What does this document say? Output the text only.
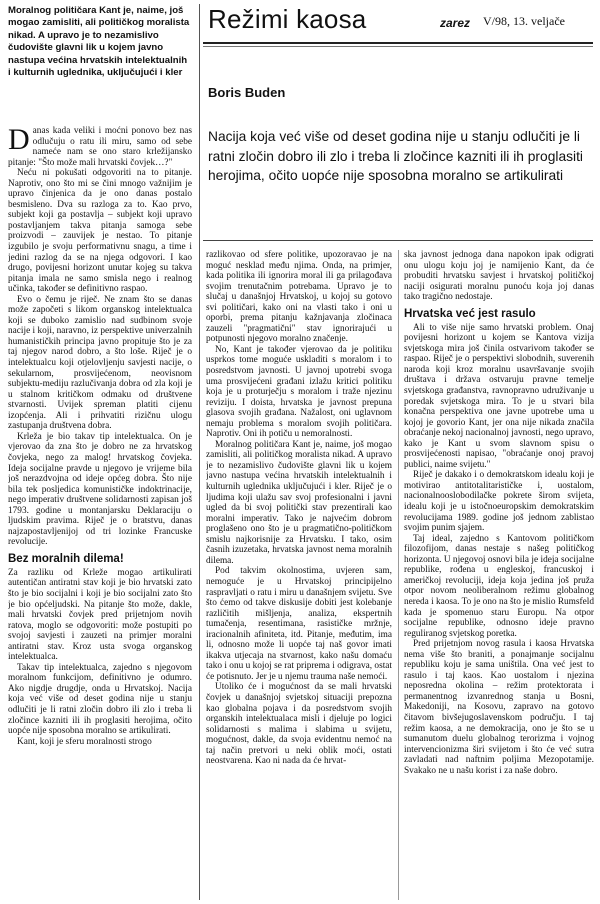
Moralnog političara Kant je, naime, još mogao zamisliti, ali političkog moralista nikad. A upravo je to nezamislivo čudovište glavni lik u kojem javno nastupa većina hrvatskih intelektualnih i kulturnih uglednika, uključujući i kler
Režimi kaosa	zarez V/98, 13. veljače
Boris Buden
Nacija koja već više od deset godina nije u stanju odlučiti je li ratni zločin dobro ili zlo i treba li zločince kazniti ili ih proglasiti herojima, očito uopće nije sposobna moralno se artikulirati

Danas kada veliki i moćni ponovo bez nas odlučuju o ratu ili miru, samo od sebe nameće nam se ono staro krležijansko pitanje: "Što može mali hrvatski čovjek…?"

Neću ni pokušati odgovoriti na to pitanje. Naprotiv, ono što mi se čini mnogo važnijim je upravo činjenica da je ono danas postalo besmisleno. Dva su razloga za to. Kao prvo, subjekt koji ga postavlja – subjekt koji upravo postavljanjem takva pitanja samoga sebe proizvodi – zauvijek je nestao. To pitanje izgubilo je svoju performativnu snagu, a time i jedini razlog da se na njega odgovori. I kao drugo, povijesni horizont unutar kojeg su takva pitanja imala ne samo smisla nego i realnog učinka, također se definitivno raspao.

Evo o čemu je riječ. Ne znam što se danas može započeti s likom organskog intelektualca koji se duboko zamislio nad sudbinom svoje nacije i koji, naravno, iz perspektive univerzalnih humanističkih principa javno propituje što je za taj njegov narod dobro, a što loše. Riječ je o intelektualcu koji otjelovljenju savjesti nacije, o sekularnom, prosvijećenom, neovisnom subjektu-mediju razlučivanja dobra od zla koji je u stalnom kritičkom odmaku od društvene stvarnosti. Uvijek spreman platiti cijenu izopćenja. Ali i prihvatiti rizičnu ulogu zastupanja društvena dobra.

Krleža je bio takav tip intelektualca. On je vjerovao da zna što je dobro ne za hrvatskog čovjeka, nego za malog! hrvatskog čovjeka. Ideja socijalne pravde u njegovo je vrijeme bila još nerazdvojna od ideje općeg dobra. Što nije bila tek posljedica komunističke indoktrinacije, nego imperativ društvene solidarnosti zapisan još 1793. godine u montanjarsku Deklaraciju o ljudskim pravima. Riječ je o bratstvu, danas najzapostavljenijoj od tri lozinke Francuske revolucije.

Bez moralnih dilema!

Za razliku od Krleže mogao artikulirati autentičan antiratni stav koji je bio hrvatski zato što je bio socijalni i koji je bio socijalni zato što je bio općeljudski. Na pitanje što može, dakle, mali hrvatski čovjek pred prijetnjom novih ratova, moglo se odgovoriti: može postupiti po svojoj savjesti i zauzeti na primjer moralni antiratni stav. Kroz usta svoga organskog intelektualca.

Takav tip intelektualca, zajedno s njegovom moralnom funkcijom, definitivno je odumro. Ako nigdje drugdje, onda u Hrvatskoj. Nacija koja već više od deset godina nije u stanju odlučiti je li ratni zločin dobro ili zlo i treba li zločince kazniti ili ih proglasiti herojima, očito uopće nije sposobna moralno se artikulirati.

Kant, koji je sferu moralnosti strogo

razlikovao od sfere politike, upozoravao je na moguć nesklad među njima. Onda, na primjer, kada politika ili ignorira moral ili ga prilagođava svojim trenutačnim potrebama. Upravo je to slučaj u današnjoj Hrvatskoj, u kojoj su gotovo svi političari, kako oni na vlasti tako i oni u oporbi, prema pitanju kažnjavanja zločinaca zauzeli "pragmatični" stav ignorirajući u potpunosti njegovo moralno značenje.

No, Kant je također vjerovao da je politiku usprkos tome moguće uskladiti s moralom i to posredstvom javnosti. U javnoj upotrebi svoga uma prosvijećeni građani izlažu kritici politiku koja je u proturječju s moralom i traže njezinu reviziju. I doista, hrvatska je javnost prepuna glasova svojih građana. Nažalost, oni uglavnom nemaju problema s moralom svojih političara. Naprotiv. Oni ih potiču u nemoralnosti.

Moralnog političara Kant je, naime, još mogao zamisliti, ali političkog moralista nikad. A upravo je to nezamislivo čudovište glavni lik u kojem javno nastupa većina hrvatskih intelektualnih i kulturnih uglednika uključujući i kler. Riječ je o ljudima koji ulažu sav svoj profesionalni i javni ugled da bi svoj politički stav prezentirali kao moralni imperativ. Tako je najvećim dobrom proglašeno ono što je u pragmatično-političkom smislu najkorisnije za Hrvatsku. I tako, osim časnih izuzetaka, hrvatska javnost nema moralnih dilema.

Pod takvim okolnostima, uvjeren sam, nemoguće je u Hrvatskoj principijelno raspravljati o ratu i miru u današnjem svijetu. Sve što ćemo od takve diskusije dobiti jest kolebanje različitih mišljenja, analiza, ekspertnih tumačenja, resentimana, rasističke mržnje, iracionalnih afiniteta, itd. Pitanje, međutim, ima li, odnosno može li uopće taj naš govor imati ikakva utjecaja na stvarnost, kako našu domaću tako i onu u kojoj se rat priprema i odigrava, ostat će potisnuto. Jer je u njemu trauma naše nemoći.

Utoliko će i mogućnost da se mali hrvatski čovjek u današnjoj svjetskoj situaciji prepozna kao globalna pojava i da posredstvom svojih organskih intelektualaca misli i djeluje po logici solidarnosti s malima i slabima u svijetu, mogućnost, dakle, da svoja evidentnu nemoć na taj način pretvori u neki oblik moći, ostati neostvarena. Kao ni nada da će hrvat-

ska javnost jednoga dana napokon ipak odigrati onu ulogu koju joj je namijenio Kant, da će probuditi hrvatsku savjest i hrvatskoj političkoj naciji osigurati moralnu punoću koja joj danas tako tragično nedostaje.

Hrvatska već jest rasulo

Ali to više nije samo hrvatski problem. Onaj povijesni horizont u kojem se Kantova vizija svjetskoga mira još činila ostvarivom također se raspao. Riječ je o perspektivi slobodnih, suverenih naroda koji kroz moralnu usavršavanje svojih društava i država ostvaruju pravne temelje svjetskoga građanstva, ravnopravno udruživanje u poredak svjetskoga mira. To je u stvari bila konačna perspektiva one javne upotrebe uma u kojoj je govorio Kant, jer ona nije nikada značila obraćanje nekoj nacionalnoj javnosti, nego upravo, kako je Kant u svom slavnom spisu o prosvijećenosti napisao, "obraćanje onoj pravoj publici, naime svijetu."

Riječ je dakako i o demokratskom idealu koji je motivirao antitotalitarističke i, uostalom, nacionalnooslobodilačke pokrete širom svijeta, idealu koji je u istočnoeuropskim demokratskim revolucijama 1989. godine još jednom zablistao svojim punim sjajem.

Taj ideal, zajedno s Kantovom političkom filozofijom, danas nestaje s našeg političkog horizonta. U njegovoj osnovi bila je ideja socijalne republike, rođena u engleskoj, francuskoj i američkoj revoluciji, ideja koja jedina još pruža otpor novom neoliberalnom režimu globalnog nereda i kaosa. To je ono na što je mislio Rumsfeld kada je spomenuo staru Europu. Na otpor socijalne republike, odnosno ideje pravno reguliranog svjetskog poretka.

Pred prijetnjom novog rasula i kaosa Hrvatska nema više što braniti, a ponajmanje socijalnu republiku koju je sama uništila. Ona već jest to rasulo i taj kaos. Kao uostalom i njezina neposredna okolina – režim protektorata i permanentnog izvanrednog stanja u Bosni, Makedoniji, na Kosovu, zapravo na gotovo čitavom bivšejugoslavenskom području. I taj režim kaosa, a ne demokracija, ono je što se u sumanutom duelu globalnog terorizma i vojnog intervencionizma širi svijetom i što će već sutra zavladati nad naftnim poljima Mezopotamije. Svakako ne u našu korist i za naše dobro.
